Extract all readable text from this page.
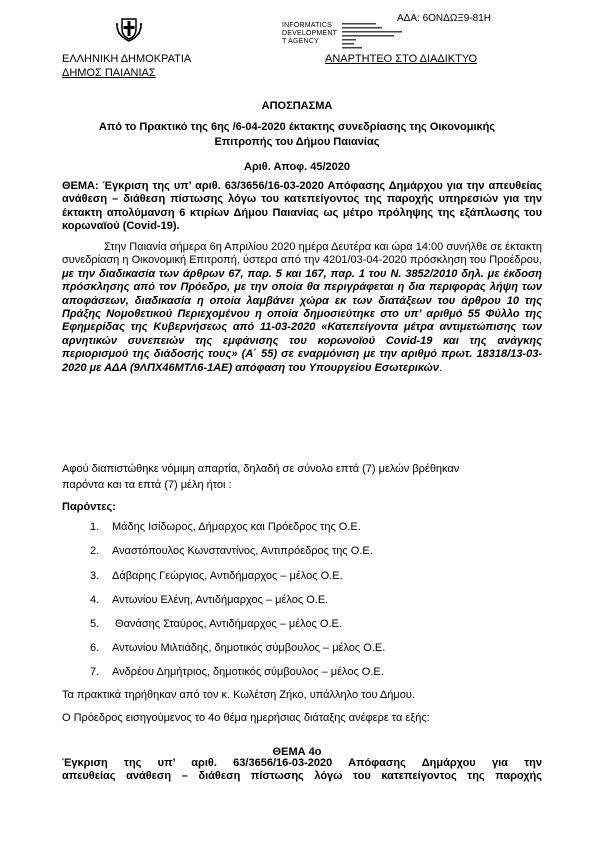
ΑΔΑ: 6ΟΝΔΩΞ9-81Η
INFORMATICS
DEVELOPMENT
T AGENCY
ΕΛΛΗΝΙΚΗ ΔΗΜΟΚΡΑΤΙΑ
ΔΗΜΟΣ ΠΑΙΑΝΙΑΣ
ΑΝΑΡΤΗΤΕΟ ΣΤΟ ΔΙΑΔΙΚΤΥΟ
ΑΠΟΣΠΑΣΜΑ
Από το Πρακτικό της 6ης /6-04-2020 έκτακτης συνεδρίασης της Οικονομικής
Επιτροπής του Δήμου Παιανίας
Αριθ. Αποφ. 45/2020
ΘΕΜΑ: Έγκριση της υπ’ αριθ. 63/3656/16-03-2020 Απόφασης Δημάρχου για την απευθείας ανάθεση – διάθεση πίστωσης λόγω του κατεπείγοντος της παροχής υπηρεσιών για την έκτακτη απολύμανση 6 κτιρίων Δήμου Παιανίας ως μέτρο πρόληψης της εξάπλωσης του κορωναϊού (Covid-19).
Στην Παιανία σήμερα 6η Απριλίου 2020 ημέρα Δευτέρα και ώρα 14:00 συνήλθε σε έκτακτη συνεδρίαση η Οικονομική Επιτροπή, ύστερα από την 4201/03-04-2020 πρόσκληση του Προέδρου, με την διαδικασία των άρθρων 67, παρ. 5 και 167, παρ. 1 του Ν. 3852/2010 δηλ. με έκδοση πρόσκλησης από τον Πρόεδρο, με την οποία θα περιγράφεται η δια περιφοράς λήψη των αποφάσεων, διαδικασία η οποία λαμβάνει χώρα εκ των διατάξεων του άρθρου 10 της Πράξης Νομοθετικού Περιεχομένου η οποία δημοσιεύτηκε στο υπ’ αριθμό 55 Φύλλο της Εφημερίδας της Κυβερνήσεως από 11-03-2020 «Κατεπείγοντα μέτρα αντιμετώπισης των αρνητικών συνεπειών της εμφάνισης του κορωνοϊού Covid-19 και της ανάγκης περιορισμού της διάδοσής τους» (Α΄ 55) σε εναρμόνιση με την αριθμό πρωτ. 18318/13-03-2020 με ΑΔΑ (9ΛΠΧ46ΜΤΛ6-1ΑΕ) απόφαση του Υπουργείου Εσωτερικών.
Αφού διαπιστώθηκε νόμιμη απαρτία, δηλαδή σε σύνολο επτά (7) μελών βρέθηκαν
παρόντα και τα επτά (7) μέλη ήτοι :
Παρόντες:
1. Μάδης Ισίδωρος, Δήμαρχος και Πρόεδρος της Ο.Ε.
2. Αναστόπουλος Κωνσταντίνος, Αντιπρόεδρος της Ο.Ε.
3. Δάβαρης Γεώργιος, Αντιδήμαρχος – μέλος Ο.Ε.
4. Αντωνίου Ελένη, Αντιδήμαρχος – μέλος Ο.Ε.
5. Θανάσης Σταύρος, Αντιδήμαρχος – μέλος Ο.Ε.
6. Αντωνίου Μιλτιάδης, δημοτικός σύμβουλος – μέλος Ο.Ε.
7. Ανδρέου Δημήτριος, δημοτικός σύμβουλος – μέλος Ο.Ε.
Τα πρακτικά τηρήθηκαν από τον κ. Κωλέτση Ζήκο, υπάλληλο του Δήμου.
Ο Πρόεδρος εισηγούμενος το 4ο θέμα ημερήσιας διάταξης ανέφερε τα εξής:
ΘΕΜΑ 4ο
Έγκριση της υπ’ αριθ. 63/3656/16-03-2020 Απόφασης Δημάρχου για την
απευθείας ανάθεση – διάθεση πίστωσης λόγω του κατεπείγοντος της παροχής
